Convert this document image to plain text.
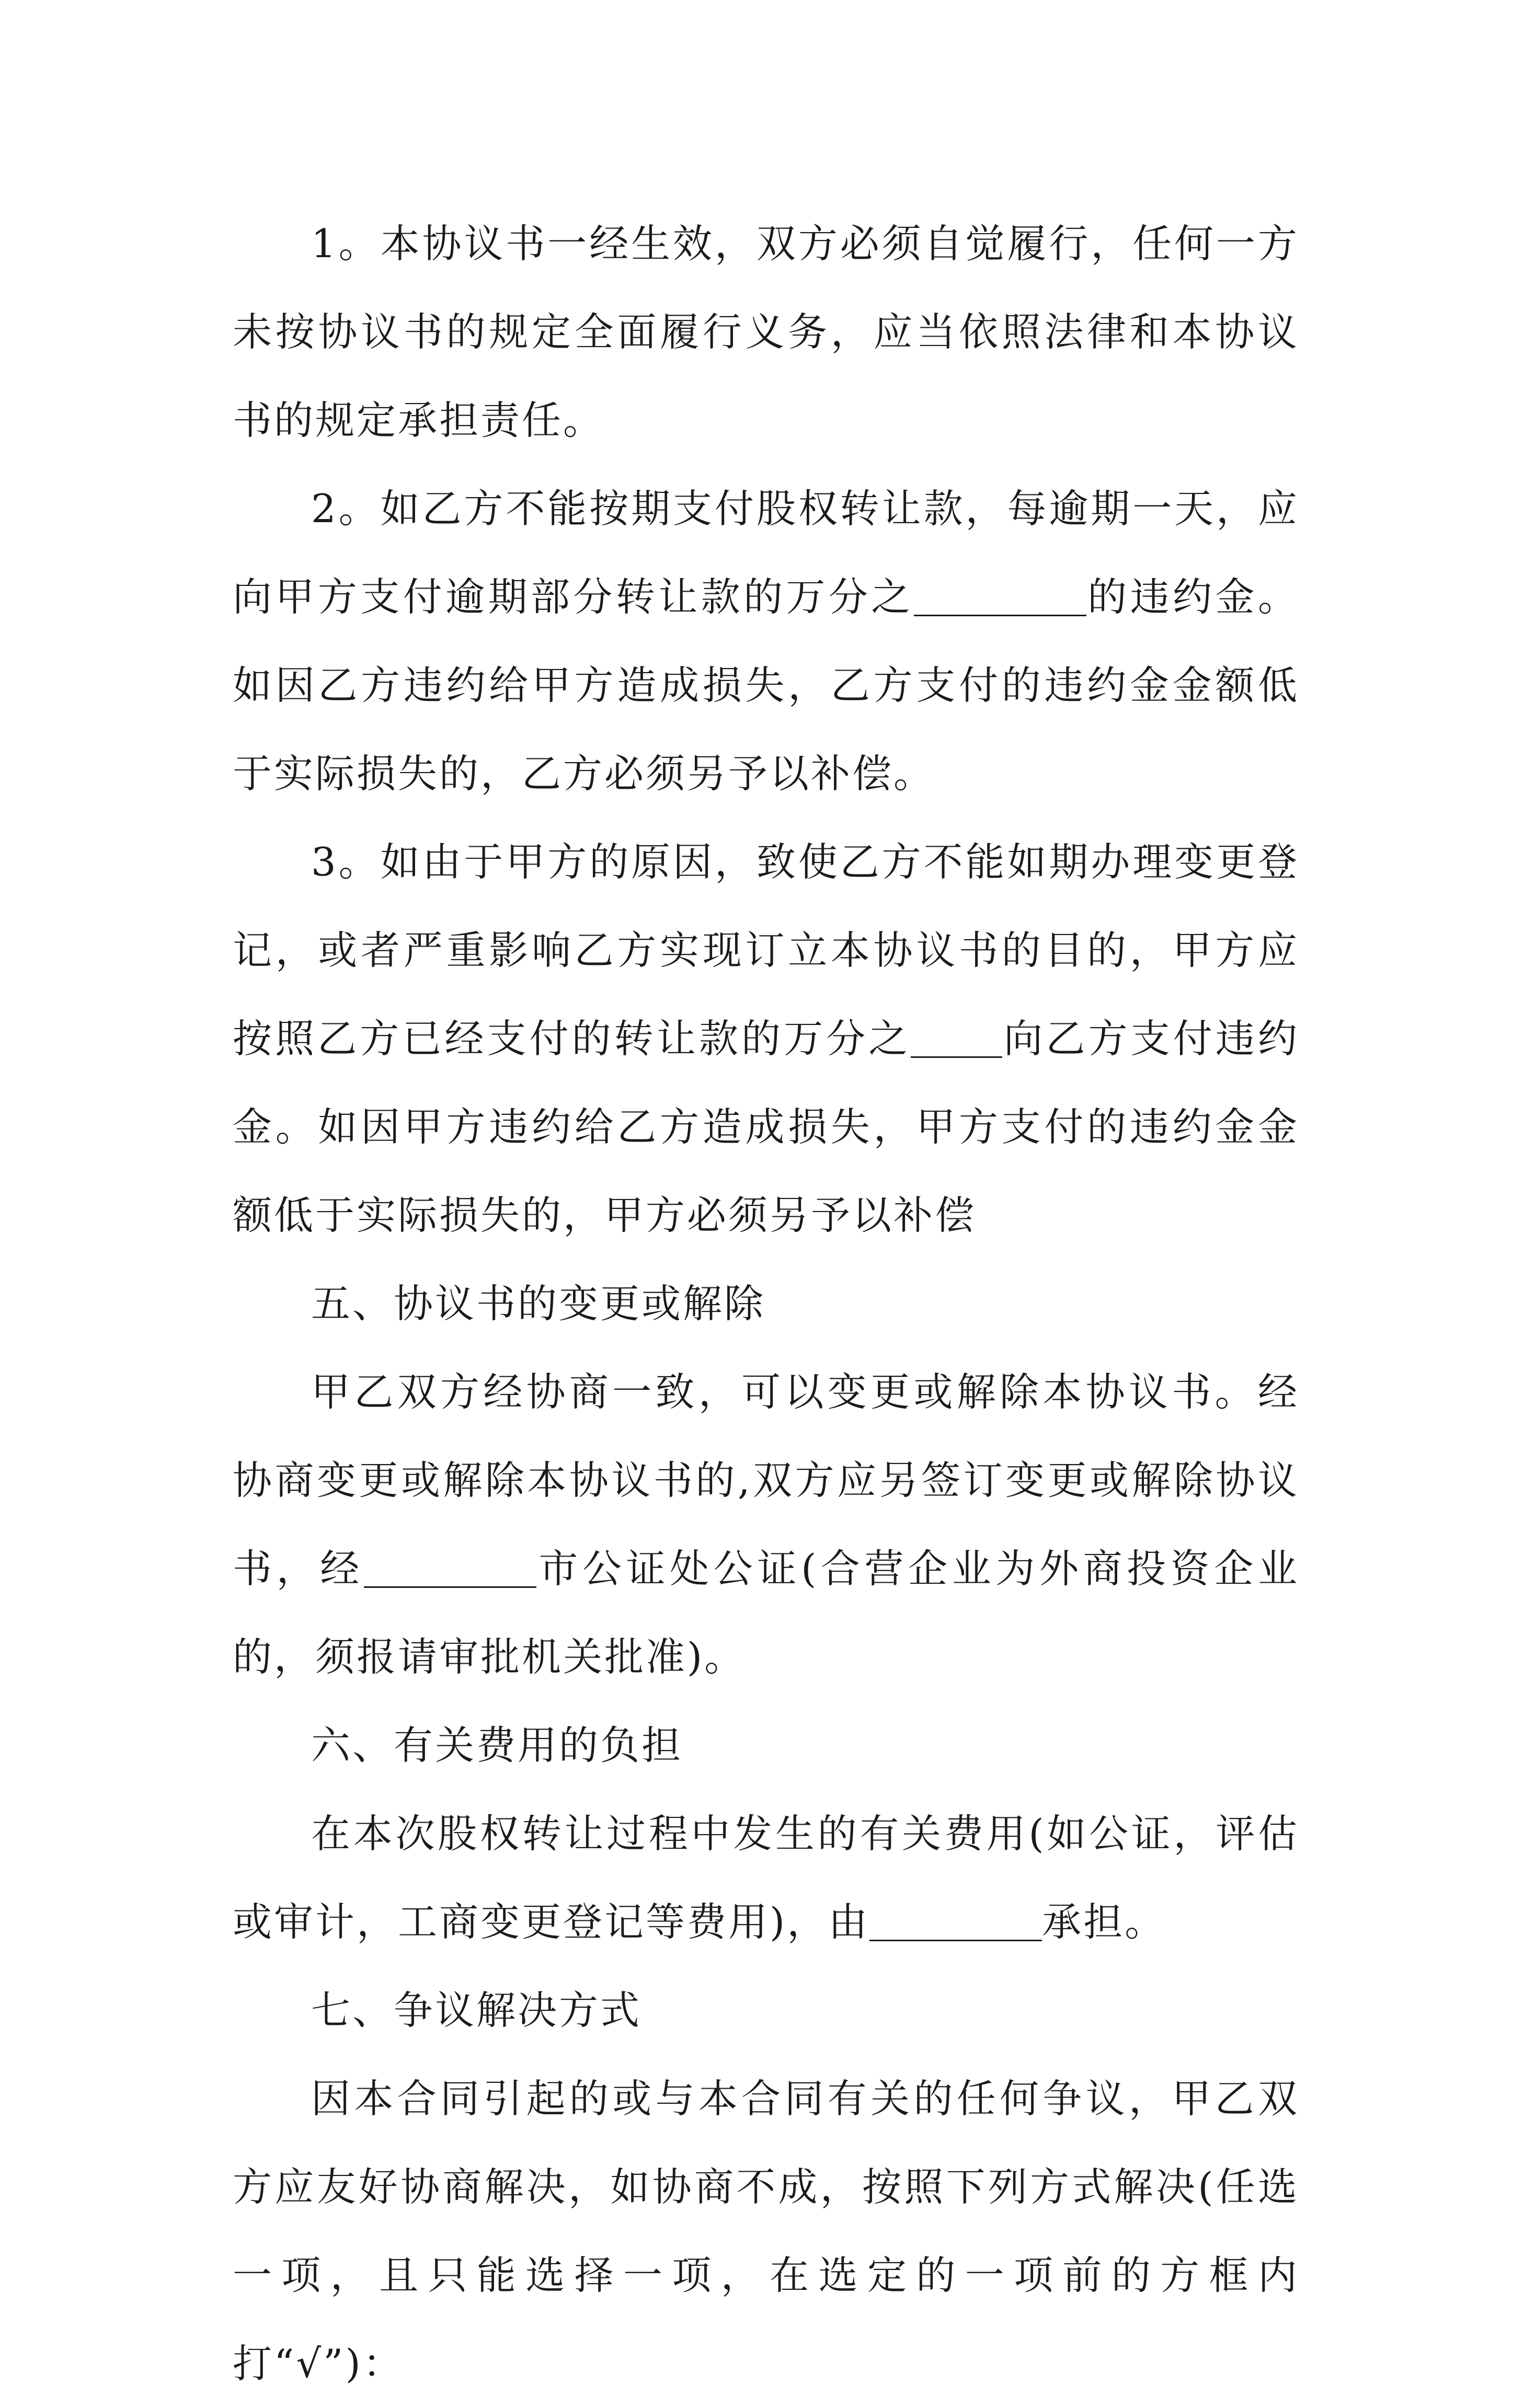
1。本协议书一经生效，双方必须自觉履行，任何一方未按协议书的规定全面履行义务，应当依照法律和本协议书的规定承担责任。

2。如乙方不能按期支付股权转让款，每逾期一天，应向甲方支付逾期部分转让款的万分之	的违约金。如因乙方违约给甲方造成损失，乙方支付的违约金金额低于实际损失的，乙方必须另予以补偿。

3。如由于甲方的原因，致使乙方不能如期办理变更登记，或者严重影响乙方实现订立本协议书的目的，甲方应按照乙方已经支付的转让款的万分之 向乙方支付违约金。如因甲方违约给乙方造成损失，甲方支付的违约金金额低于实际损失的，甲方必须另予以补偿

五、协议书的变更或解除

甲乙双方经协商一致，可以变更或解除本协议书。经协商变更或解除本协议书的,双方应另签订变更或解除协议书，经	市公证处公证(合营企业为外商投资企业的，须报请审批机关批准)。

六、有关费用的负担

在本次股权转让过程中发生的有关费用(如公证，评估或审计，工商变更登记等费用)，由	承担。

七、争议解决方式

因本合同引起的或与本合同有关的任何争议，甲乙双方应友好协商解决，如协商不成，按照下列方式解决(任选一项，且只能选择一项，在选定的一项前的方框内打“√”)：
